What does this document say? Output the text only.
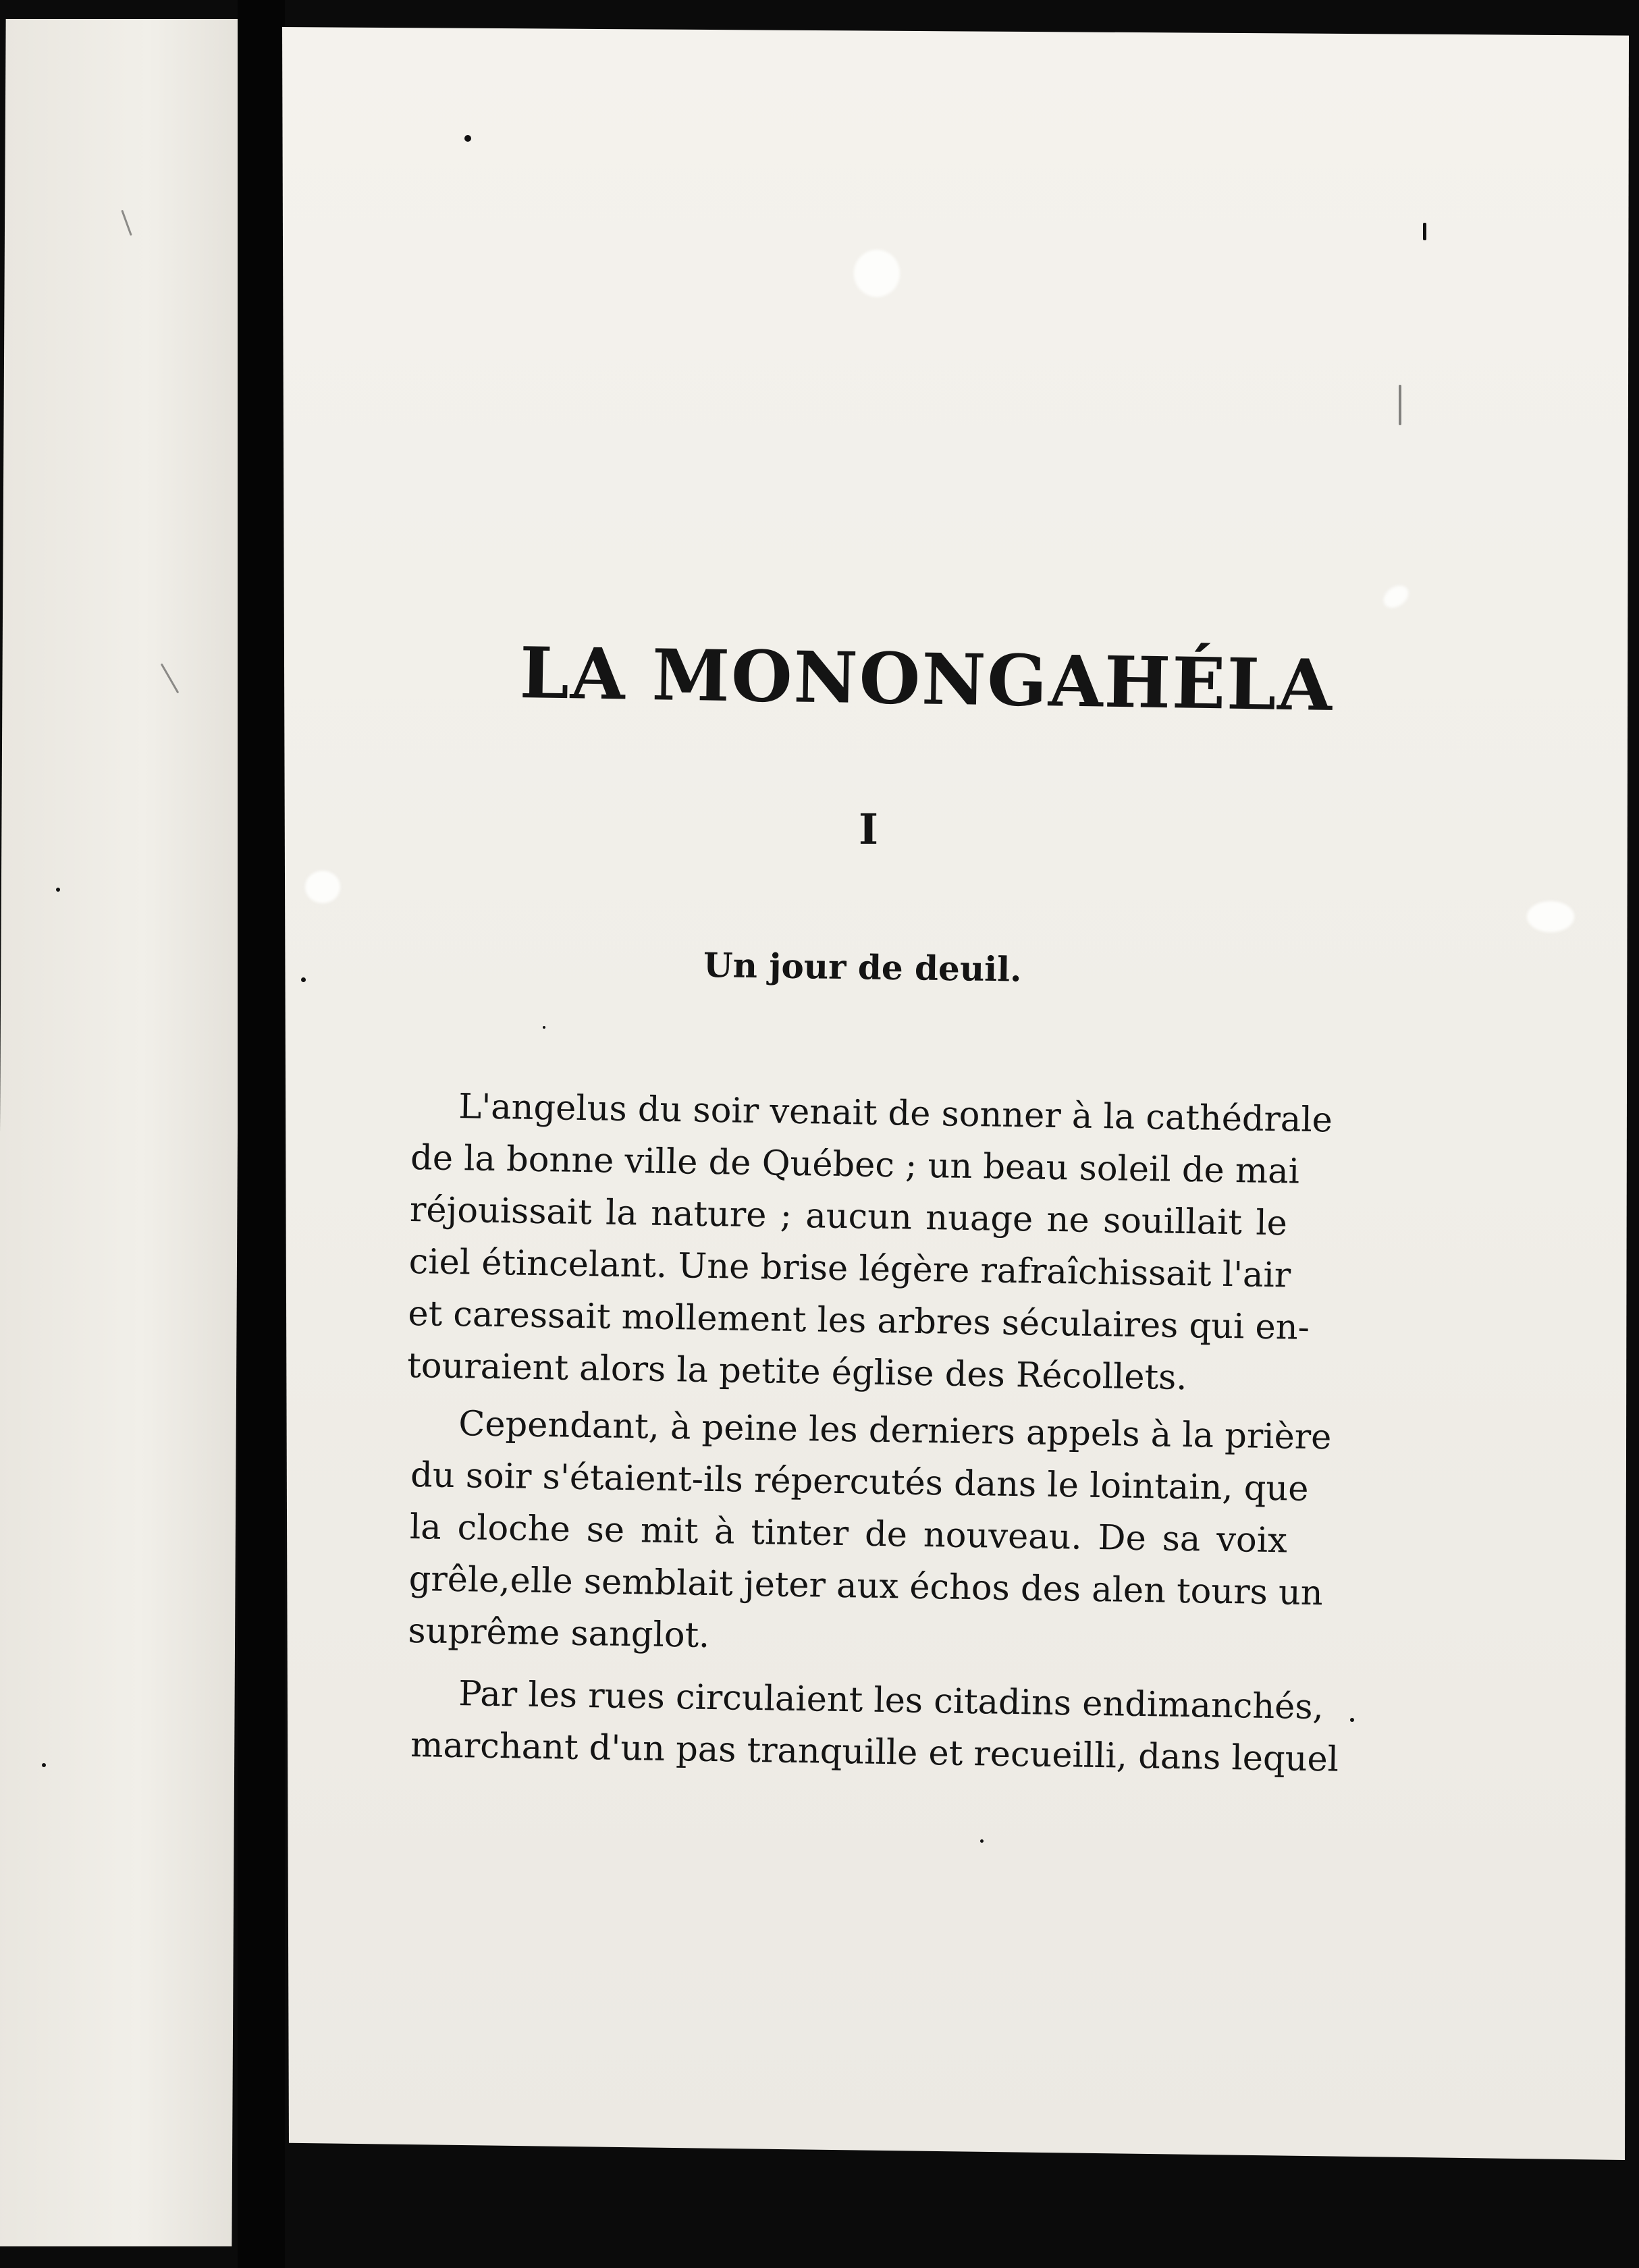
LA MONONGAHÉLA
I
Un jour de deuil.
L'angelus du soir venait de sonner à la cathédrale
de la bonne ville de Québec ; un beau soleil de mai
réjouissait la nature ; aucun nuage ne souillait le
ciel étincelant. Une brise légère rafraîchissait l'air
et caressait mollement les arbres séculaires qui en-
touraient alors la petite église des Récollets.
Cependant, à peine les derniers appels à la prière
du soir s'étaient-ils répercutés dans le lointain, que
la cloche se mit à tinter de nouveau. De sa voix
grêle,elle semblait jeter aux échos des alen tours un
suprême sanglot.
Par les rues circulaient les citadins endimanchés,
marchant d'un pas tranquille et recueilli, dans lequel
